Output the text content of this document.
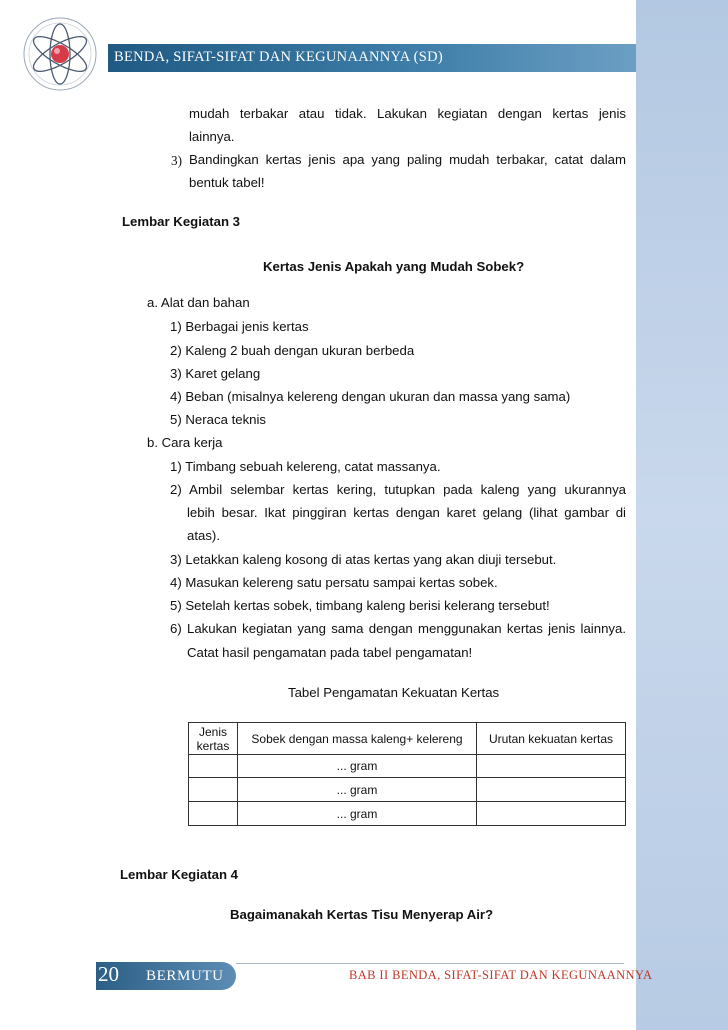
BENDA, SIFAT-SIFAT DAN KEGUNAANNYA (SD)
mudah terbakar atau tidak. Lakukan kegiatan dengan kertas jenis
lainnya.
3) Bandingkan kertas jenis apa yang paling mudah terbakar, catat dalam
bentuk tabel!
Lembar Kegiatan 3
Kertas Jenis Apakah yang Mudah Sobek?
a. Alat dan bahan
1) Berbagai jenis kertas
2) Kaleng 2 buah dengan ukuran berbeda
3) Karet gelang
4) Beban (misalnya kelereng dengan ukuran dan massa yang sama)
5) Neraca teknis
b. Cara kerja
1) Timbang sebuah kelereng, catat massanya.
2) Ambil selembar kertas kering, tutupkan pada kaleng yang ukurannya
lebih besar. Ikat pinggiran kertas dengan karet gelang (lihat gambar di
atas).
3) Letakkan kaleng kosong di atas kertas yang akan diuji tersebut.
4) Masukan kelereng satu persatu sampai kertas sobek.
5) Setelah kertas sobek, timbang kaleng berisi kelerang tersebut!
6) Lakukan kegiatan yang sama dengan menggunakan kertas jenis lainnya.
Catat hasil pengamatan pada tabel pengamatan!
Tabel Pengamatan Kekuatan Kertas
Jenis
kertas	Sobek dengan massa kaleng+ kelereng	Urutan kekuatan kertas
	... gram	
	... gram	
	... gram	
Lembar Kegiatan 4
Bagaimanakah Kertas Tisu Menyerap Air?
20 BERMUTU	BAB II BENDA, SIFAT-SIFAT DAN KEGUNAANNYA
